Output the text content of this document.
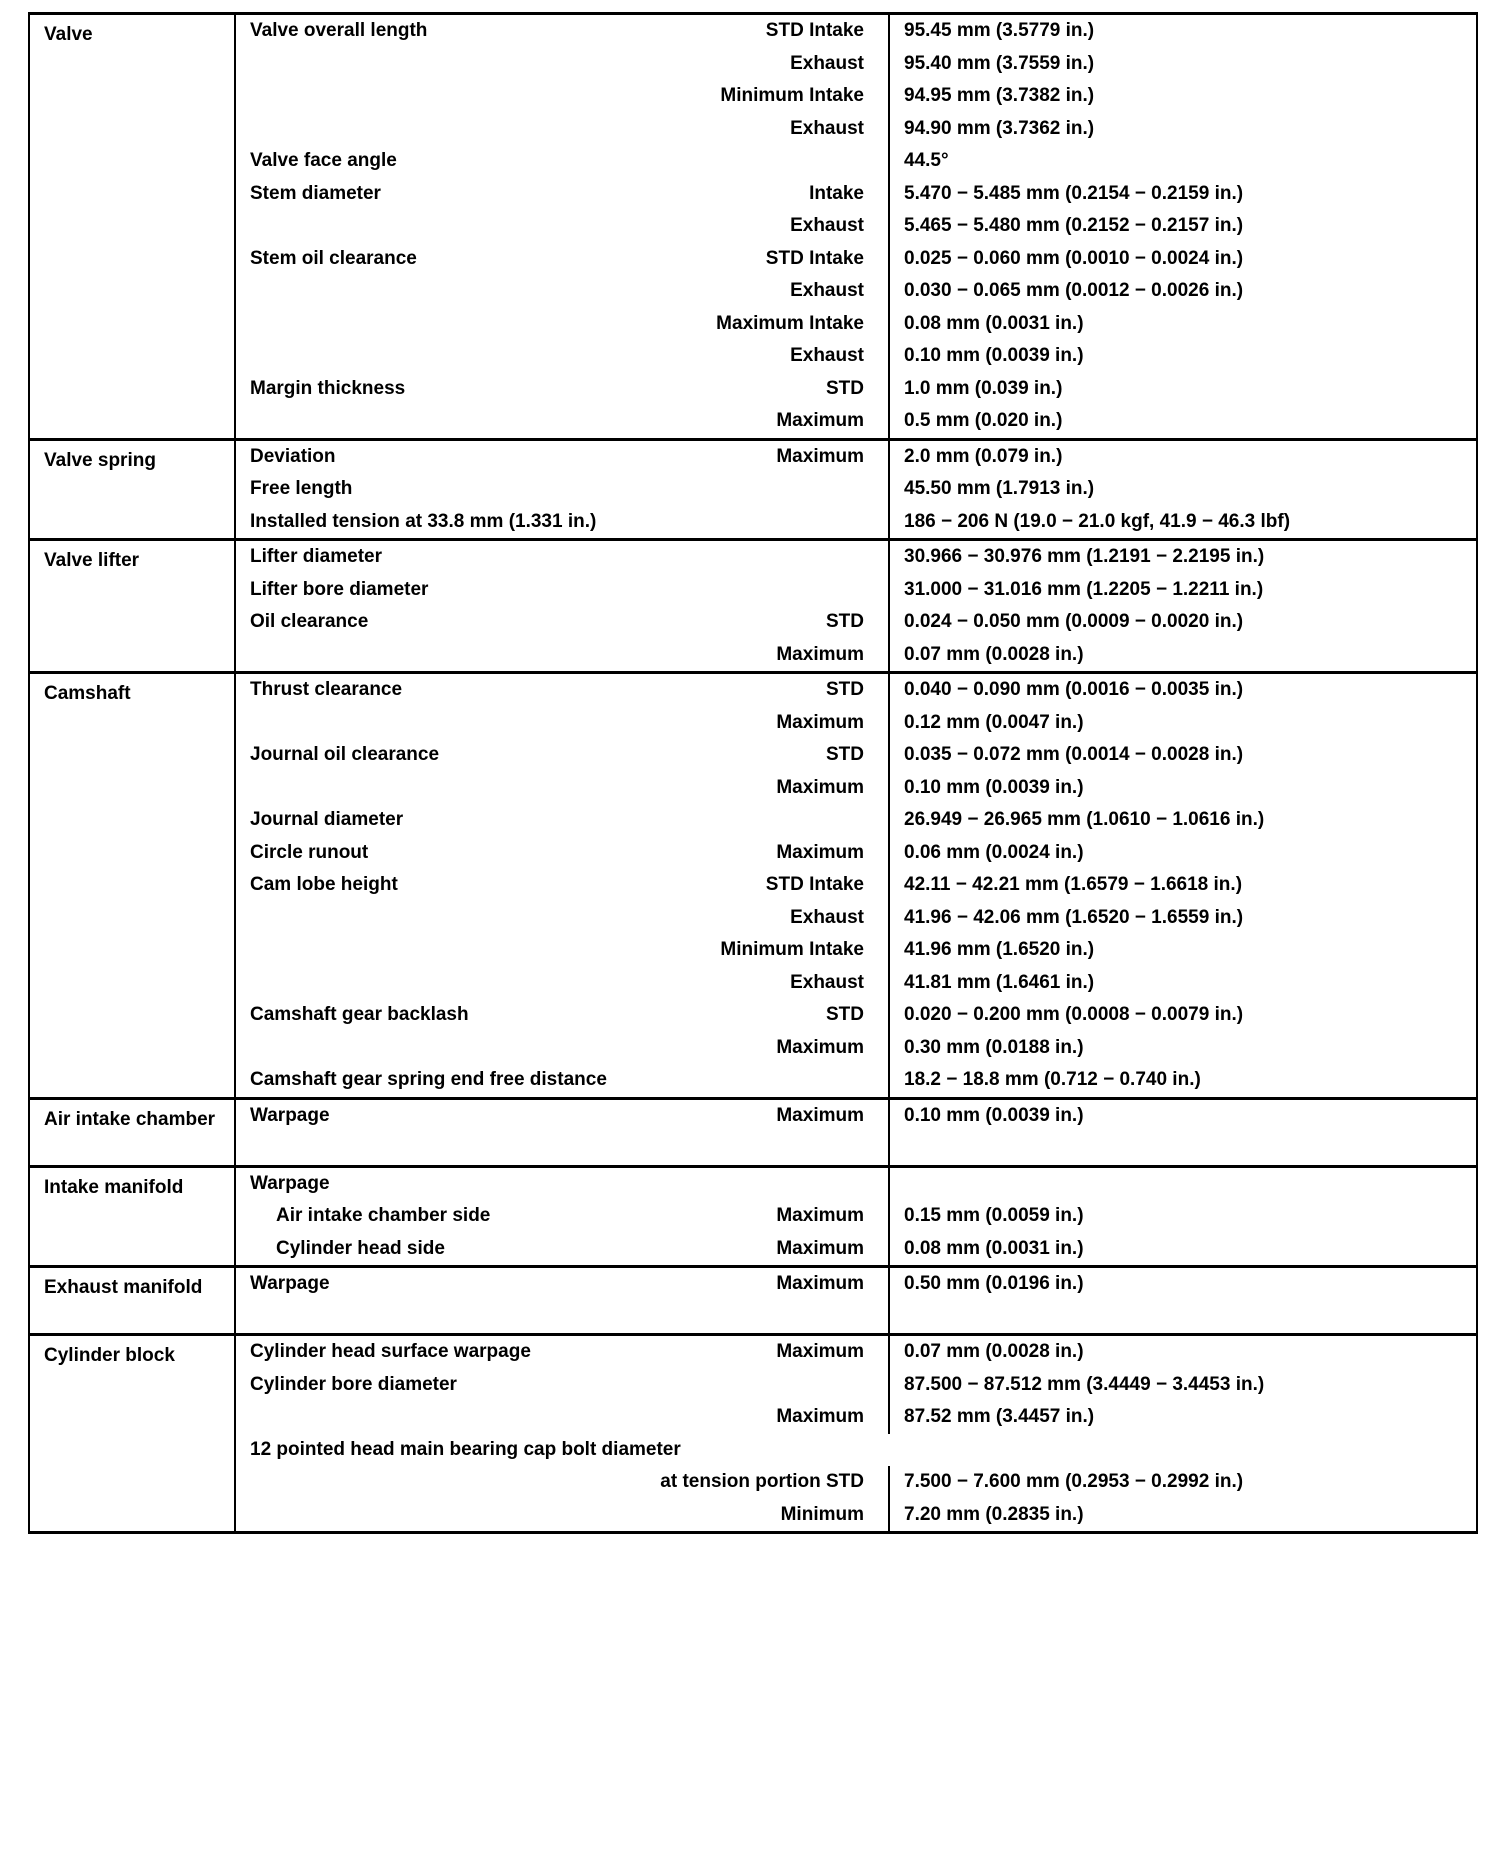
Valve	Valve overall length	STD Intake	95.45 mm (3.5779 in.)
		Exhaust	95.40 mm (3.7559 in.)
		Minimum Intake	94.95 mm (3.7382 in.)
		Exhaust	94.90 mm (3.7362 in.)
	Valve face angle		44.5°
	Stem diameter	Intake	5.470 − 5.485 mm (0.2154 − 0.2159 in.)
		Exhaust	5.465 − 5.480 mm (0.2152 − 0.2157 in.)
	Stem oil clearance	STD Intake	0.025 − 0.060 mm (0.0010 − 0.0024 in.)
		Exhaust	0.030 − 0.065 mm (0.0012 − 0.0026 in.)
		Maximum Intake	0.08 mm (0.0031 in.)
		Exhaust	0.10 mm (0.0039 in.)
	Margin thickness	STD	1.0 mm (0.039 in.)
		Maximum	0.5 mm (0.020 in.)
Valve spring	Deviation	Maximum	2.0 mm (0.079 in.)
	Free length		45.50 mm (1.7913 in.)
	Installed tension at 33.8 mm (1.331 in.)		186 − 206 N (19.0 − 21.0 kgf, 41.9 − 46.3 lbf)
Valve lifter	Lifter diameter		30.966 − 30.976 mm (1.2191 − 2.2195 in.)
	Lifter bore diameter		31.000 − 31.016 mm (1.2205 − 1.2211 in.)
	Oil clearance	STD	0.024 − 0.050 mm (0.0009 − 0.0020 in.)
		Maximum	0.07 mm (0.0028 in.)
Camshaft	Thrust clearance	STD	0.040 − 0.090 mm (0.0016 − 0.0035 in.)
		Maximum	0.12 mm (0.0047 in.)
	Journal oil clearance	STD	0.035 − 0.072 mm (0.0014 − 0.0028 in.)
		Maximum	0.10 mm (0.0039 in.)
	Journal diameter		26.949 − 26.965 mm (1.0610 − 1.0616 in.)
	Circle runout	Maximum	0.06 mm (0.0024 in.)
	Cam lobe height	STD Intake	42.11 − 42.21 mm (1.6579 − 1.6618 in.)
		Exhaust	41.96 − 42.06 mm (1.6520 − 1.6559 in.)
		Minimum Intake	41.96 mm (1.6520 in.)
		Exhaust	41.81 mm (1.6461 in.)
	Camshaft gear backlash	STD	0.020 − 0.200 mm (0.0008 − 0.0079 in.)
		Maximum	0.30 mm (0.0188 in.)
	Camshaft gear spring end free distance		18.2 − 18.8 mm (0.712 − 0.740 in.)
Air intake chamber	Warpage	Maximum	0.10 mm (0.0039 in.)

Intake manifold	Warpage		
	Air intake chamber side	Maximum	0.15 mm (0.0059 in.)
	Cylinder head side	Maximum	0.08 mm (0.0031 in.)
Exhaust manifold	Warpage	Maximum	0.50 mm (0.0196 in.)

Cylinder block	Cylinder head surface warpage	Maximum	0.07 mm (0.0028 in.)
	Cylinder bore diameter		87.500 − 87.512 mm (3.4449 − 3.4453 in.)
		Maximum	87.52 mm (3.4457 in.)
	12 pointed head main bearing cap bolt diameter		
	at tension portion STD		7.500 − 7.600 mm (0.2953 − 0.2992 in.)
		Minimum	7.20 mm (0.2835 in.)
